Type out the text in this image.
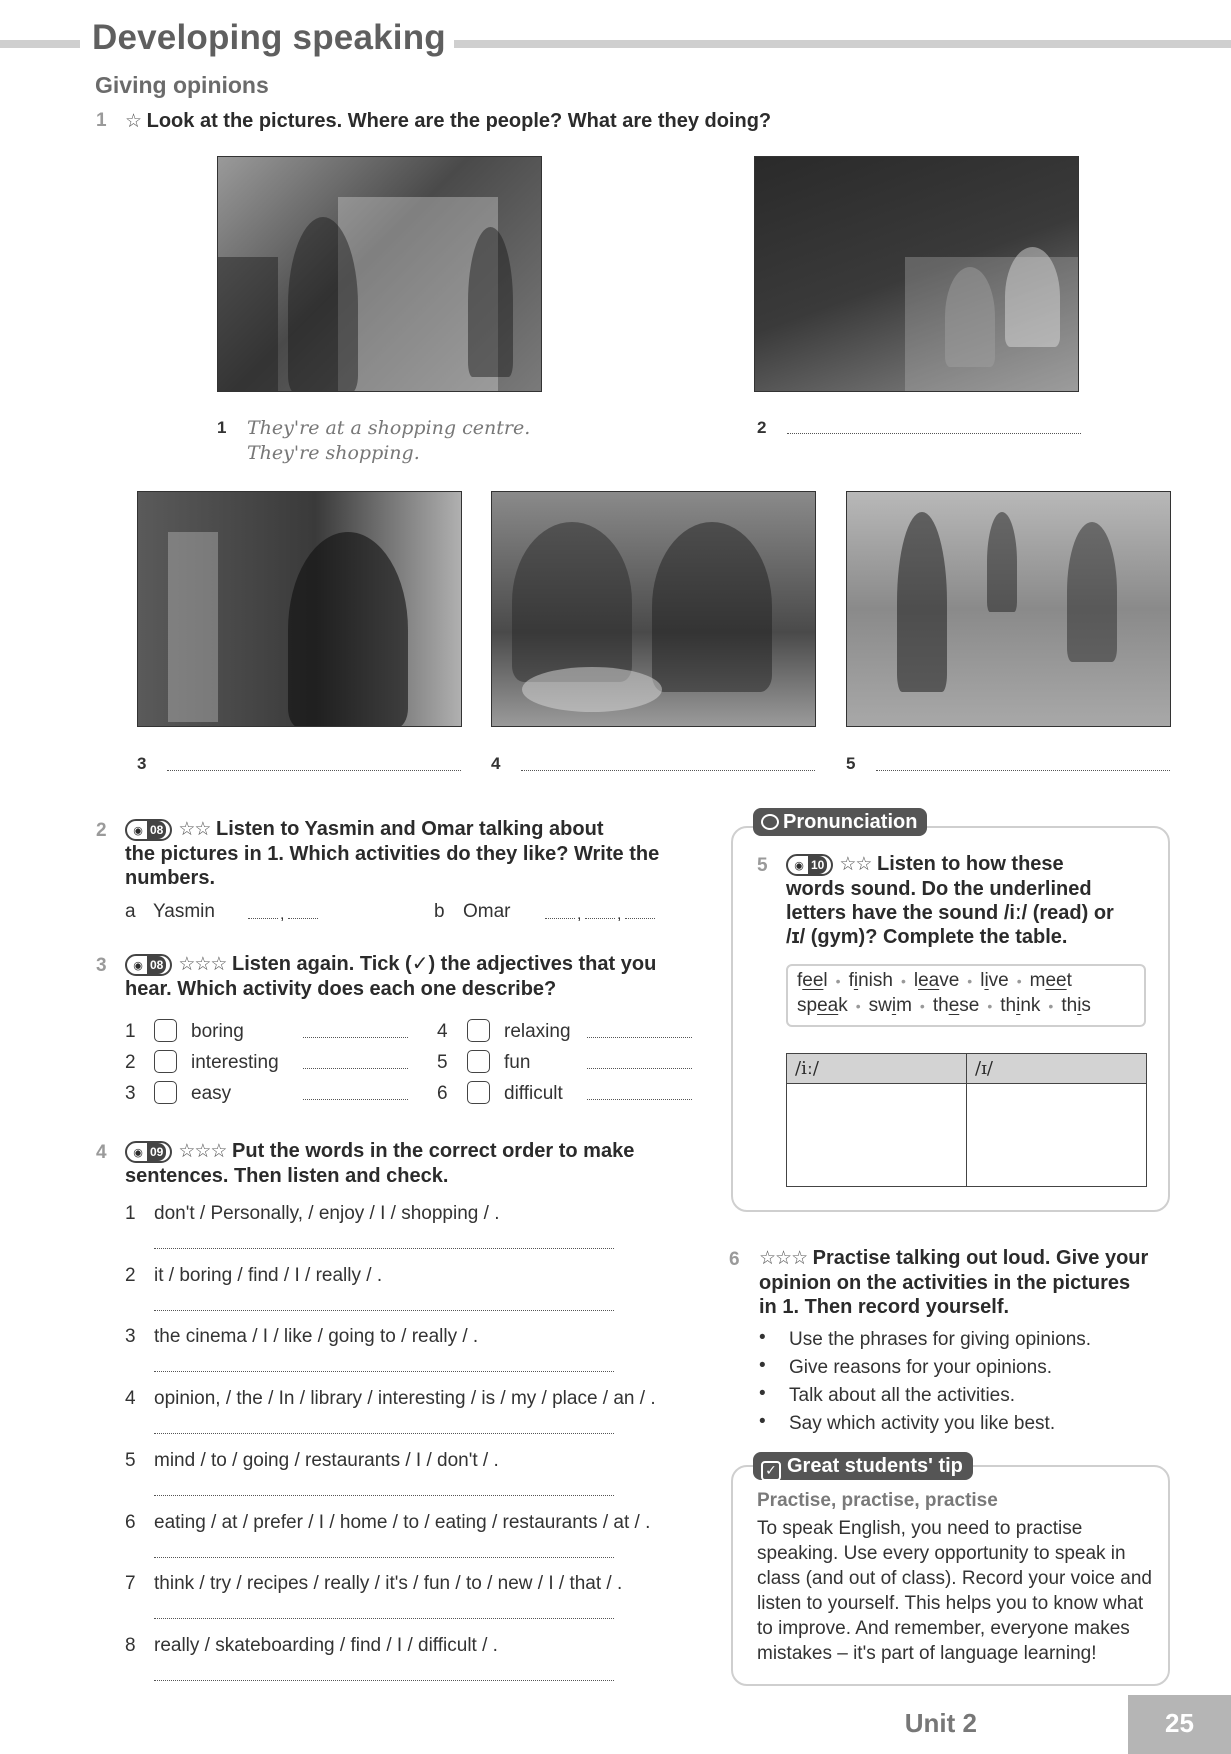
Developing speaking
Giving opinions
1 ☆ Look at the pictures. Where are the people? What are they doing?
1 They're at a shopping centre.
They're shopping.
2
3	4	5
2	◉ 08 ☆☆ Listen to Yasmin and Omar talking about
the pictures in 1. Which activities do they like? Write the
numbers.
a Yasmin	,	b Omar	, ,
3	◉ 08 ☆☆☆ Listen again. Tick (✓) the adjectives that you
hear. Which activity does each one describe?
1	boring
2	interesting
3	easy
4	relaxing
5	fun
6	difficult
4	◉ 09 ☆☆☆ Put the words in the correct order to make
sentences. Then listen and check.
1 don't / Personally, / enjoy / I / shopping / .
2 it / boring / find / I / really / .
3 the cinema / I / like / going to / really / .
4 opinion, / the / In / library / interesting / is / my / place / an / .
5 mind / to / going / restaurants / I / don't / .
6 eating / at / prefer / I / home / to / eating / restaurants / at / .
7 think / try / recipes / really / it's / fun / to / new / I / that / .
8 really / skateboarding / find / I / difficult / .
Pronunciation
5	◉ 10 ☆☆ Listen to how these
words sound. Do the underlined
letters have the sound /iː/ (read) or
/ɪ/ (gym)? Complete the table.
feel • finish • leave • live • meet
speak • swim • these • think • this
/iː/	/ɪ/

6 ☆☆☆ Practise talking out loud. Give your
opinion on the activities in the pictures
in 1. Then record yourself.
• Use the phrases for giving opinions.
• Give reasons for your opinions.
• Talk about all the activities.
• Say which activity you like best.
✓ Great students' tip
Practise, practise, practise
To speak English, you need to practise
speaking. Use every opportunity to speak in
class (and out of class). Record your voice and
listen to yourself. This helps you to know what
to improve. And remember, everyone makes
mistakes – it's part of language learning!
Unit 2	25
